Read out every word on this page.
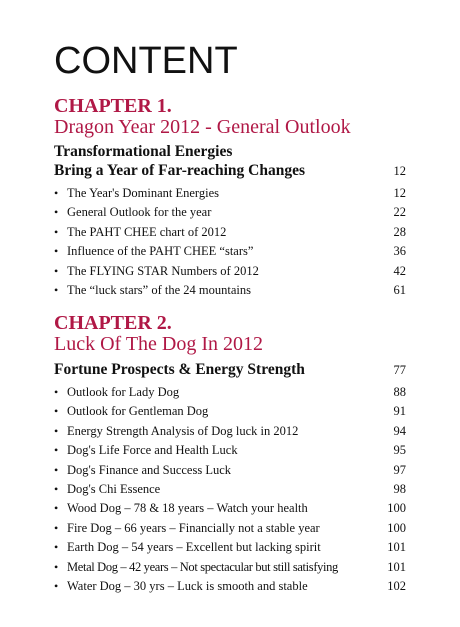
CONTENT
CHAPTER 1.
Dragon Year 2012 - General Outlook
Transformational Energies
Bring a Year of Far-reaching Changes	12
• The Year's Dominant Energies	12
• General Outlook for the year	22
• The PAHT CHEE chart of 2012	28
• Influence of the PAHT CHEE “stars”	36
• The FLYING STAR Numbers of 2012	42
• The “luck stars” of the 24 mountains	61
CHAPTER 2.
Luck Of The Dog In 2012
Fortune Prospects & Energy Strength	77
• Outlook for Lady Dog	88
• Outlook for Gentleman Dog	91
• Energy Strength Analysis of Dog luck in 2012	94
• Dog's Life Force and Health Luck	95
• Dog's Finance and Success Luck	97
• Dog's Chi Essence	98
• Wood Dog – 78 & 18 years – Watch your health	100
• Fire Dog – 66 years – Financially not a stable year	100
• Earth Dog – 54 years – Excellent but lacking spirit	101
• Metal Dog – 42 years – Not spectacular but still satisfying	101
• Water Dog – 30 yrs – Luck is smooth and stable	102
